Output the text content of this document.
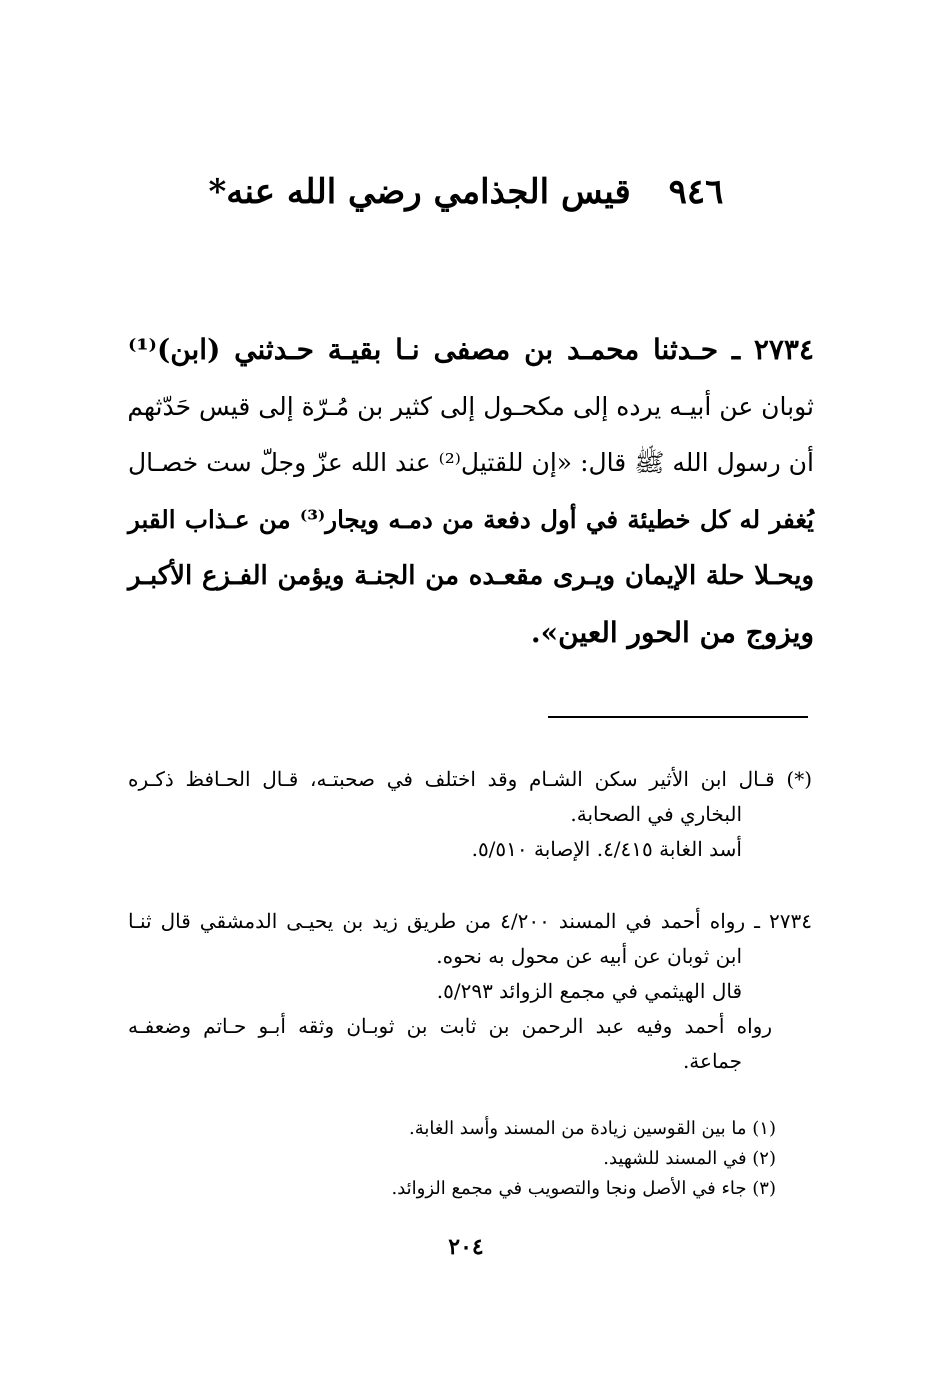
٩٤٦ قيس الجذامي رضي الله عنه*
٢٧٣٤ ـ حـدثنا محمـد بن مصفى نـا بقيـة حـدثني (ابن)⁽¹⁾
ثوبان عن أبيـه يرده إلى مكحـول إلى كثير بن مُـرّة إلى قيس حَدّثهم
أن رسول الله ﷺ قال: «إن للقتيل⁽²⁾ عند الله عزّ وجلّ ست خصـال
يُغفر له كل خطيئة في أول دفعة من دمـه ويجار⁽³⁾ من عـذاب القبر
ويحـلا حلة الإيمان ويـرى مقعـده من الجنـة ويؤمن الفـزع الأكبـر
ويزوج من الحور العين».
(*) قـال ابن الأثير سكن الشـام وقد اختلف في صحبتـه، قـال الحـافظ ذكـره
البخاري في الصحابة.
أسد الغابة ٤/٤١٥. الإصابة ٥/٥١٠.
٢٧٣٤ ـ رواه أحمد في المسند ٤/٢٠٠ من طريق زيد بن يحيـى الدمشقي قال ثنـا
ابن ثوبان عن أبيه عن محول به نحوه.
قال الهيثمي في مجمع الزوائد ٥/٢٩٣.
رواه أحمد وفيه عبد الرحمن بن ثابت بن ثوبـان وثقه أبـو حـاتم وضعفـه
جماعة.
(١) ما بين القوسين زيادة من المسند وأسد الغابة.
(٢) في المسند للشهيد.
(٣) جاء في الأصل ونجا والتصويب في مجمع الزوائد.
٢٠٤
